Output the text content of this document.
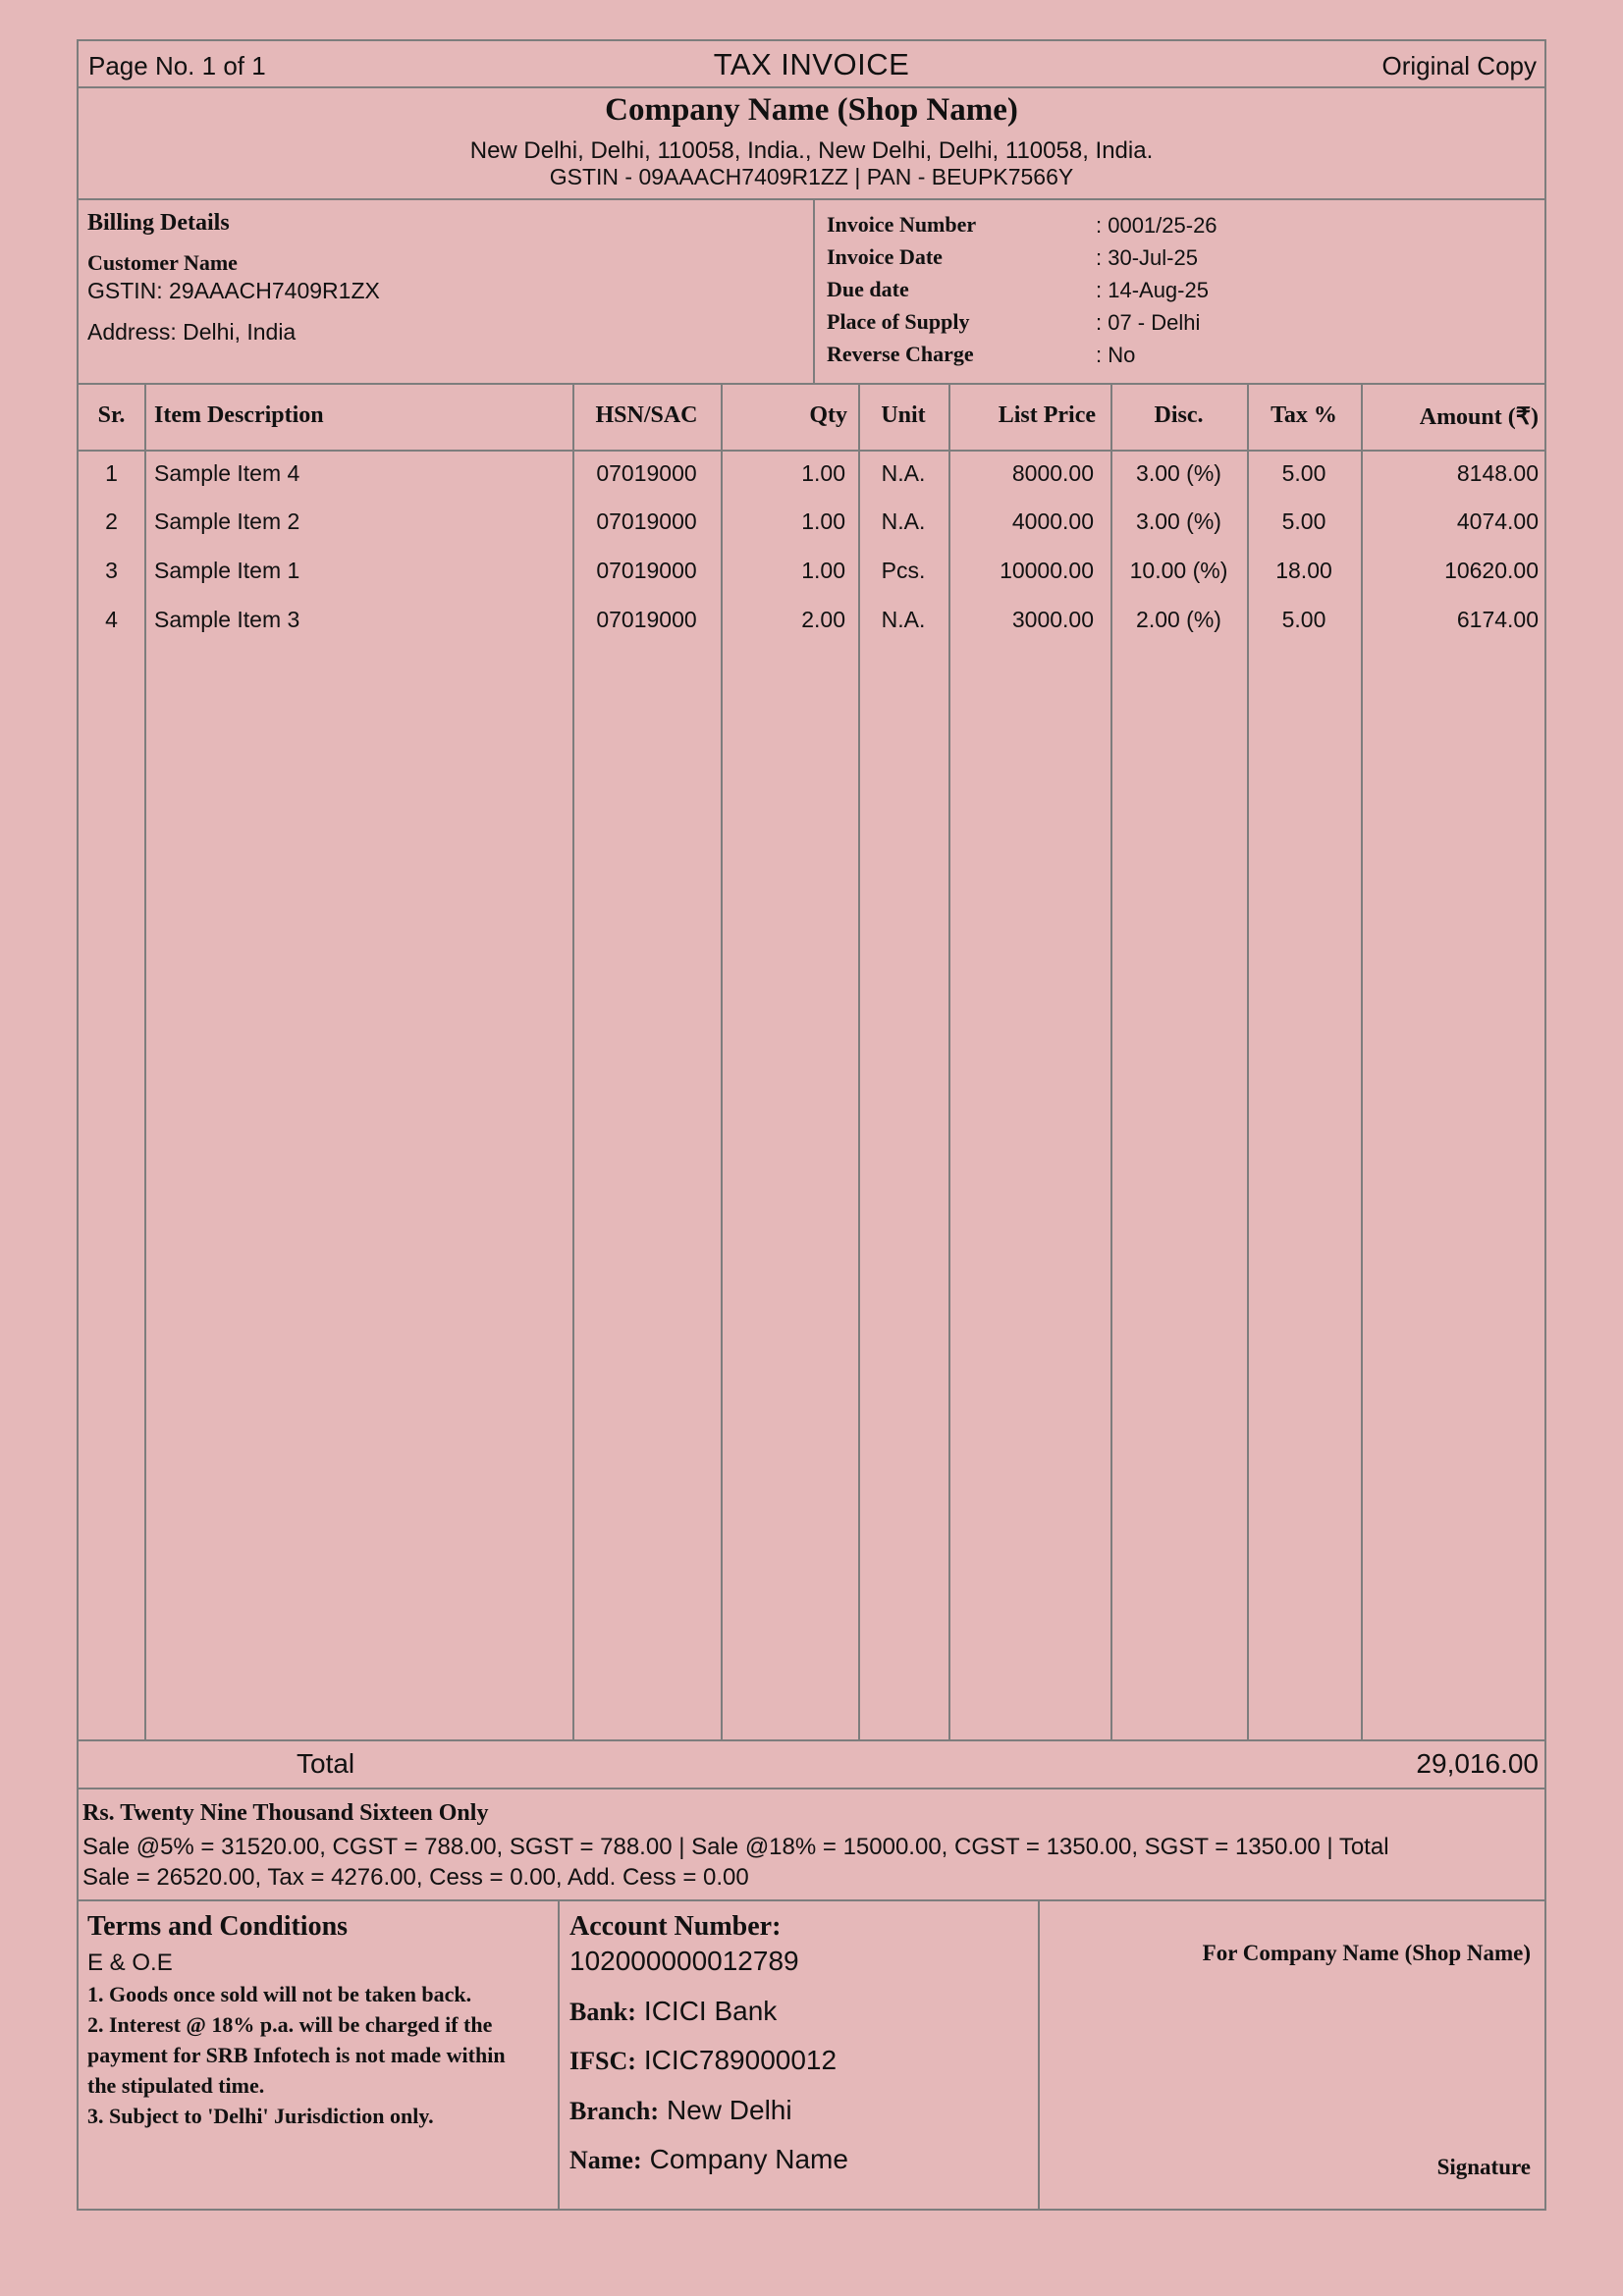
Page No. 1 of 1	TAX INVOICE	Original Copy
Company Name (Shop Name)
New Delhi, Delhi, 110058, India., New Delhi, Delhi, 110058, India.
GSTIN - 09AAACH7409R1ZZ | PAN - BEUPK7566Y
Billing Details
Customer Name
GSTIN: 29AAACH7409R1ZX
Address: Delhi, India
Invoice Number	: 0001/25-26
Invoice Date	: 30-Jul-25
Due date	: 14-Aug-25
Place of Supply	: 07 - Delhi
Reverse Charge	: No
Sr.	Item Description	HSN/SAC	Qty	Unit	List Price	Disc.	Tax %	Amount (₹)
1	Sample Item 4	07019000	1.00	N.A.	8000.00	3.00 (%)	5.00	8148.00
2	Sample Item 2	07019000	1.00	N.A.	4000.00	3.00 (%)	5.00	4074.00
3	Sample Item 1	07019000	1.00	Pcs.	10000.00	10.00 (%)	18.00	10620.00
4	Sample Item 3	07019000	2.00	N.A.	3000.00	2.00 (%)	5.00	6174.00
Total	29,016.00
Rs. Twenty Nine Thousand Sixteen Only
Sale @5% = 31520.00, CGST = 788.00, SGST = 788.00 | Sale @18% = 15000.00, CGST = 1350.00, SGST = 1350.00 | Total
Sale = 26520.00, Tax = 4276.00, Cess = 0.00, Add. Cess = 0.00
Terms and Conditions
E & O.E
1. Goods once sold will not be taken back.
2. Interest @ 18% p.a. will be charged if the payment for SRB Infotech is not made within the stipulated time.
3. Subject to 'Delhi' Jurisdiction only.
Account Number:
102000000012789
Bank: ICICI Bank
IFSC: ICIC789000012
Branch: New Delhi
Name: Company Name
For Company Name (Shop Name)
Signature
